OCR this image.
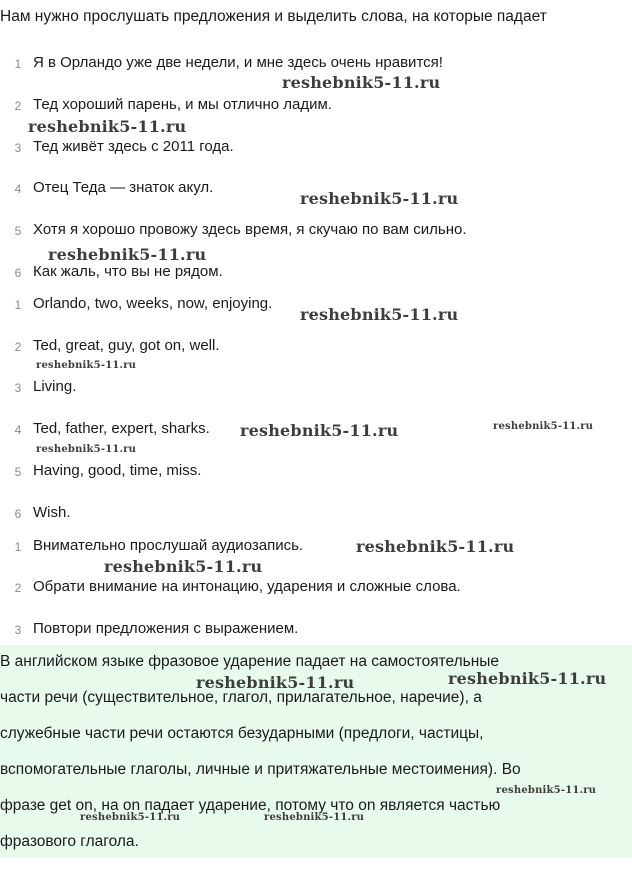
Нам нужно прослушать предложения и выделить слова, на которые падает
1 Я в Орландо уже две недели, и мне здесь очень нравится!
2 Тед хороший парень, и мы отлично ладим.
3 Тед живёт здесь с 2011 года.
4 Отец Теда — знаток акул.
5 Хотя я хорошо провожу здесь время, я скучаю по вам сильно.
6 Как жаль, что вы не рядом.
1 Orlando, two, weeks, now, enjoying.
2 Ted, great, guy, got on, well.
3 Living.
4 Ted, father, expert, sharks.
5 Having, good, time, miss.
6 Wish.
1 Внимательно прослушай аудиозапись.
2 Обрати внимание на интонацию, ударения и сложные слова.
3 Повтори предложения с выражением.
В английском языке фразовое ударение падает на самостоятельные
части речи (существительное, глагол, прилагательное, наречие), а
служебные части речи остаются безударными (предлоги, частицы,
вспомогательные глаголы, личные и притяжательные местоимения). Во
фразе get on, на on падает ударение, потому что on является частью
фразового глагола.
reshebnik5-11.ru
reshebnik5-11.ru
reshebnik5-11.ru
reshebnik5-11.ru
reshebnik5-11.ru
reshebnik5-11.ru
reshebnik5-11.ru	reshebnik5-11.ru
reshebnik5-11.ru
reshebnik5-11.ru
reshebnik5-11.ru
reshebnik5-11.ru	reshebnik5-11.ru
reshebnik5-11.ru
reshebnik5-11.ru	reshebnik5-11.ru
